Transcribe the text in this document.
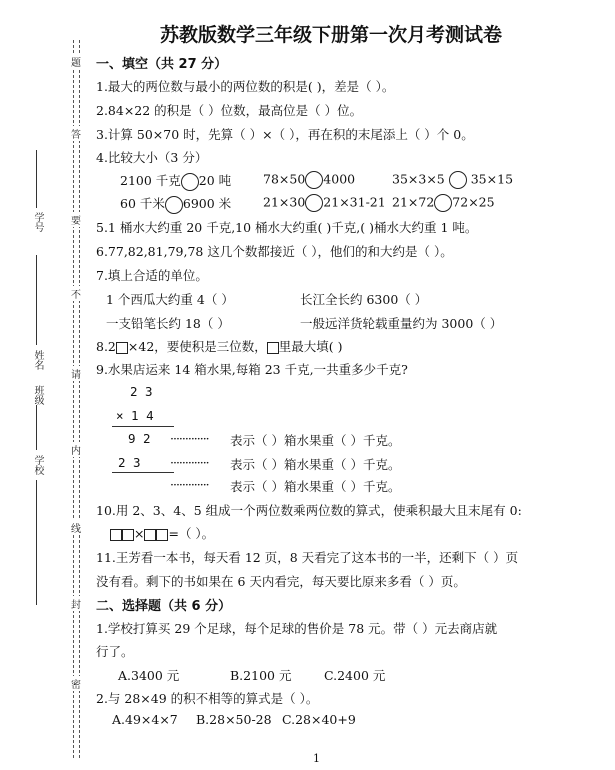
题
答
要
不
请
内
线
封
密
学号
姓名
班级
学校
苏教版数学三年级下册第一次月考测试卷
一、填空（共 27 分）
1.最大的两位数与最小的两位数的积是( )，差是（ ）。
2.84×22 的积是（ ）位数，最高位是（ ）位。
3.计算 50×70 时，先算（ ）×（ ），再在积的末尾添上（ ）个 0。
4.比较大小（3 分）
2100 千克 20 吨	78×50 4000	35×3×5 35×15
60 千米 6900 米	21×30 21×31-21 21×72 72×25
5.1 桶水大约重 20 千克,10 桶水大约重( )千克,( )桶水大约重 1 吨。
6.77,82,81,79,78 这几个数都接近（ ），他们的和大约是（ ）。
7.填上合适的单位。
1 个西瓜大约重 4（ ）	长江全长约 6300（ ）
一支铅笔长约 18（ ）	一般远洋货轮载重量约为 3000（ ）
8.2 ×42，要使积是三位数， 里最大填( )
9.水果店运来 14 箱水果,每箱 23 千克,一共重多少千克?
2 3
× 1 4
9 2 ············· 表示（ ）箱水果重（ ）千克。
2 3 ············· 表示（ ）箱水果重（ ）千克。
············· 表示（ ）箱水果重（ ）千克。
10.用 2、3、4、5 组成一个两位数乘两位数的算式，使乘积最大且末尾有 0:
× =（ ）。
11.王芳看一本书，每天看 12 页，8 天看完了这本书的一半，还剩下（ ）页
没有看。剩下的书如果在 6 天内看完，每天要比原来多看（ ）页。
二、选择题（共 6 分）
1.学校打算买 29 个足球，每个足球的售价是 78 元。带（ ）元去商店就
行了。
A.3400 元	B.2100 元	C.2400 元
2.与 28×49 的积不相等的算式是（ ）。
A.49×4×7 B.28×50-28 C.28×40+9
1
